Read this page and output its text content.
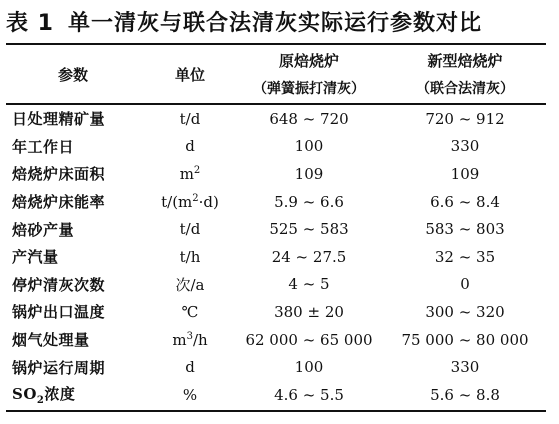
表 1 单一清灰与联合法清灰实际运行参数对比
参数	单位	原焙烧炉	新型焙烧炉
		（弹簧振打清灰）	（联合法清灰）
日处理精矿量	t/d	648 ~ 720	720 ~ 912
年工作日	d	100	330
焙烧炉床面积	$m^2$	109	109
焙烧炉床能率	$t/(m^2\cdot d)$	5.9 ~ 6.6	6.6 ~ 8.4
焙砂产量	t/d	525 ~ 583	583 ~ 803
产汽量	t/h	24 ~ 27.5	32 ~ 35
停炉清灰次数	次/a	4 ~ 5	0
锅炉出口温度	℃	380 ± 20	300 ~ 320
烟气处理量	$m^3/h$	62 000 ~ 65 000	75 000 ~ 80 000
锅炉运行周期	d	100	330
$SO_2$浓度	%	4.6 ~ 5.5	5.6 ~ 8.8
